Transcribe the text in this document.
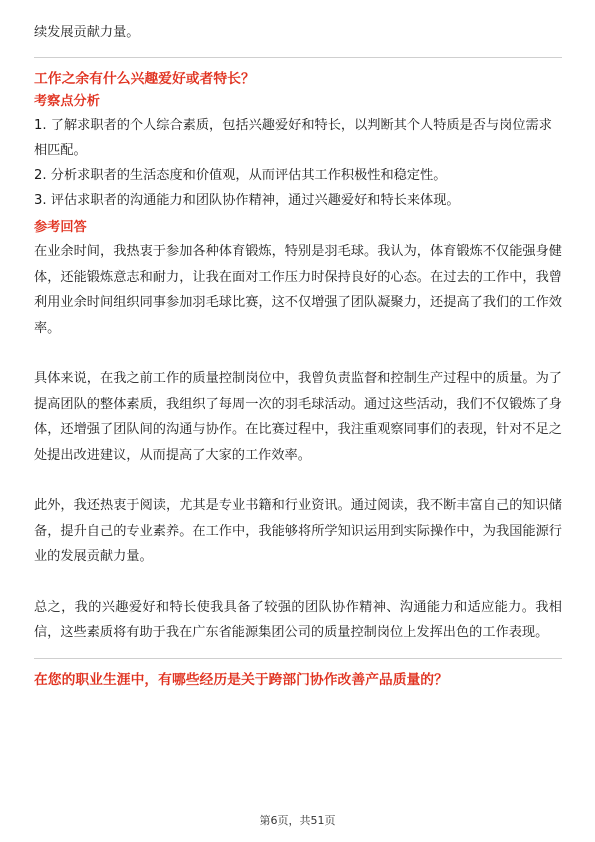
续发展贡献力量。

工作之余有什么兴趣爱好或者特长？

考察点分析

1. 了解求职者的个人综合素质，包括兴趣爱好和特长，以判断其个人特质是否与岗位需求相匹配。

2. 分析求职者的生活态度和价值观，从而评估其工作积极性和稳定性。

3. 评估求职者的沟通能力和团队协作精神，通过兴趣爱好和特长来体现。

参考回答

在业余时间，我热衷于参加各种体育锻炼，特别是羽毛球。我认为，体育锻炼不仅能强身健体，还能锻炼意志和耐力，让我在面对工作压力时保持良好的心态。在过去的工作中，我曾利用业余时间组织同事参加羽毛球比赛，这不仅增强了团队凝聚力，还提高了我们的工作效率。

具体来说，在我之前工作的质量控制岗位中，我曾负责监督和控制生产过程中的质量。为了提高团队的整体素质，我组织了每周一次的羽毛球活动。通过这些活动，我们不仅锻炼了身体，还增强了团队间的沟通与协作。在比赛过程中，我注重观察同事们的表现，针对不足之处提出改进建议，从而提高了大家的工作效率。

此外，我还热衷于阅读，尤其是专业书籍和行业资讯。通过阅读，我不断丰富自己的知识储备，提升自己的专业素养。在工作中，我能够将所学知识运用到实际操作中，为我国能源行业的发展贡献力量。

总之，我的兴趣爱好和特长使我具备了较强的团队协作精神、沟通能力和适应能力。我相信，这些素质将有助于我在广东省能源集团公司的质量控制岗位上发挥出色的工作表现。

在您的职业生涯中，有哪些经历是关于跨部门协作改善产品质量的？

第6页，共51页
